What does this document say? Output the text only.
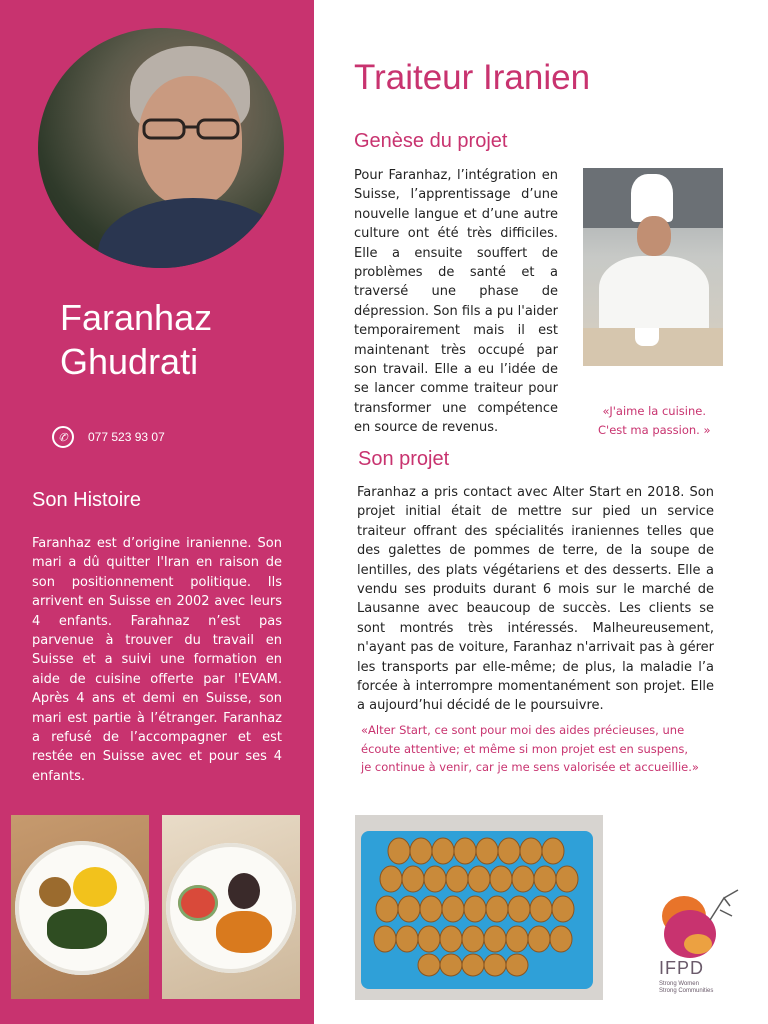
Faranhaz
Ghudrati
✆	077 523 93 07
Son Histoire

Faranhaz est d’origine iranienne. Son mari a dû quitter l'Iran en raison de son positionnement politique. Ils arrivent en Suisse en 2002 avec leurs 4 enfants. Farahnaz n’est pas parvenue à trouver du travail en Suisse et a suivi une formation en aide de cuisine offerte par l'EVAM. Après 4 ans et demi en Suisse, son mari est partie à l’étranger. Faranhaz a refusé de l’accompagner et est restée en Suisse avec et pour ses 4 enfants.

Traiteur Iranien
Genèse du projet

Pour Faranhaz, l’intégration en Suisse, l’apprentissage d’une nouvelle langue et d’une autre culture ont été très difficiles. Elle a ensuite souffert de problèmes de santé et a traversé une phase de dépression. Son fils a pu l'aider temporairement mais il est maintenant très occupé par son travail. Elle a eu l’idée de se lancer comme traiteur pour transformer une compétence en source de revenus.

«J'aime la cuisine.
C'est ma passion. »

Son projet

Faranhaz a pris contact avec Alter Start en 2018. Son projet initial était de mettre sur pied un service traiteur offrant des spécialités iraniennes telles que des galettes de pommes de terre, de la soupe de lentilles, des plats végétariens et des desserts. Elle a vendu ses produits durant 6 mois sur le marché de Lausanne avec beaucoup de succès. Les clients se sont montrés très intéressés. Malheureusement, n'ayant pas de voiture, Faranhaz n'arrivait pas à gérer les transports par elle-même; de plus, la maladie l’a forcée à interrompre momentanément son projet. Elle a aujourd’hui décidé de le poursuivre.

«Alter Start, ce sont pour moi des aides précieuses, une écoute attentive; et même si mon projet est en suspens, je continue à venir, car je me sens valorisée et accueillie.»

IFPD

Strong Women
Strong Communities
